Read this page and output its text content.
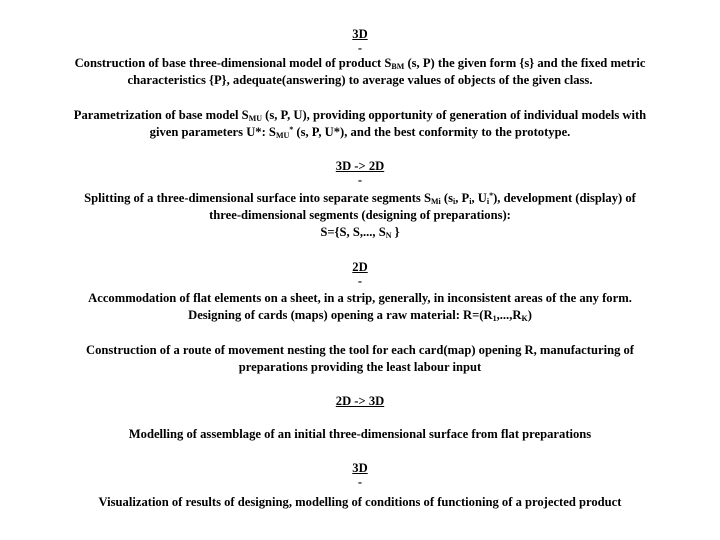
3D
-
Construction of base three-dimensional model of product $S_{BM}$ (s, P) the given form {s} and the fixed metric
characteristics {P}, adequate(answering) to average values of objects of the given class.
Parametrization of base model $S_{MU}$ (s, P, U), providing opportunity of generation of individual models with
given parameters U*: $S_{MU}^*$ (s, P, U*), and the best conformity to the prototype.
3D -> 2D
-
Splitting of a three-dimensional surface into separate segments $S_{Mi}$ ($s_i$, $P_i$, $U_i^*$), development (display) of
three-dimensional segments (designing of preparations):
S={S, S,..., $S_N$ }
2D
-
Accommodation of flat elements on a sheet, in a strip, generally, in inconsistent areas of the any form.
Designing of cards (maps) opening a raw material: $R=(R_1,...,R_K)$
Construction of a route of movement nesting the tool for each card(map) opening R, manufacturing of
preparations providing the least labour input
2D -> 3D
Modelling of assemblage of an initial three-dimensional surface from flat preparations
3D
-
Visualization of results of designing, modelling of conditions of functioning of a projected product
